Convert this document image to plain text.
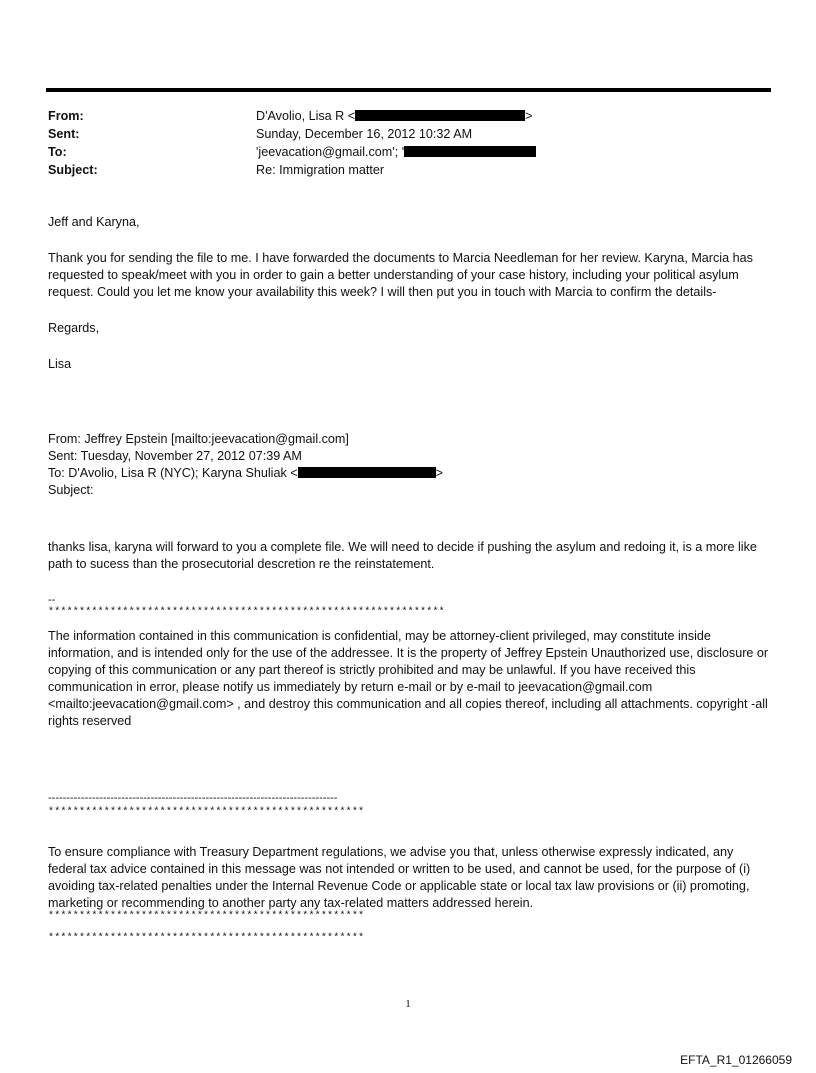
From:	D'Avolio, Lisa R <	>
Sent:	Sunday, December 16, 2012 10:32 AM
To:	'jeevacation@gmail.com'; '
Subject:	Re: Immigration matter

Jeff and Karyna,

Thank you for sending the file to me. I have forwarded the documents to Marcia Needleman for her review. Karyna, Marcia has requested to speak/meet with you in order to gain a better understanding of your case history, including your political asylum request. Could you let me know your availability this week? I will then put you in touch with Marcia to confirm the details-

Regards,

Lisa

From: Jeffrey Epstein [mailto:jeevacation@gmail.com]
Sent: Tuesday, November 27, 2012 07:39 AM
To: D'Avolio, Lisa R (NYC); Karyna Shuliak <	>
Subject:
thanks lisa, karyna will forward to you a complete file. We will need to decide if pushing the asylum and redoing it, is a more like path to sucess than the prosecutorial descretion re the reinstatement.
--
****************************************************************
The information contained in this communication is confidential, may be attorney-client privileged, may constitute inside information, and is intended only for the use of the addressee. It is the property of Jeffrey Epstein Unauthorized use, disclosure or copying of this communication or any part thereof is strictly prohibited and may be unlawful. If you have received this communication in error, please notify us immediately by return e-mail or by e-mail to jeevacation@gmail.com <mailto:jeevacation@gmail.com> , and destroy this communication and all copies thereof, including all attachments. copyright -all rights reserved
-------------------------------------------------------------------------------
***************************************************
To ensure compliance with Treasury Department regulations, we advise you that, unless otherwise expressly indicated, any federal tax advice contained in this message was not intended or written to be used, and cannot be used, for the purpose of (i) avoiding tax-related penalties under the Internal Revenue Code or applicable state or local tax law provisions or (ii) promoting, marketing or recommending to another party any tax-related matters addressed herein.
***************************************************
***************************************************
1
EFTA_R1_01266059
